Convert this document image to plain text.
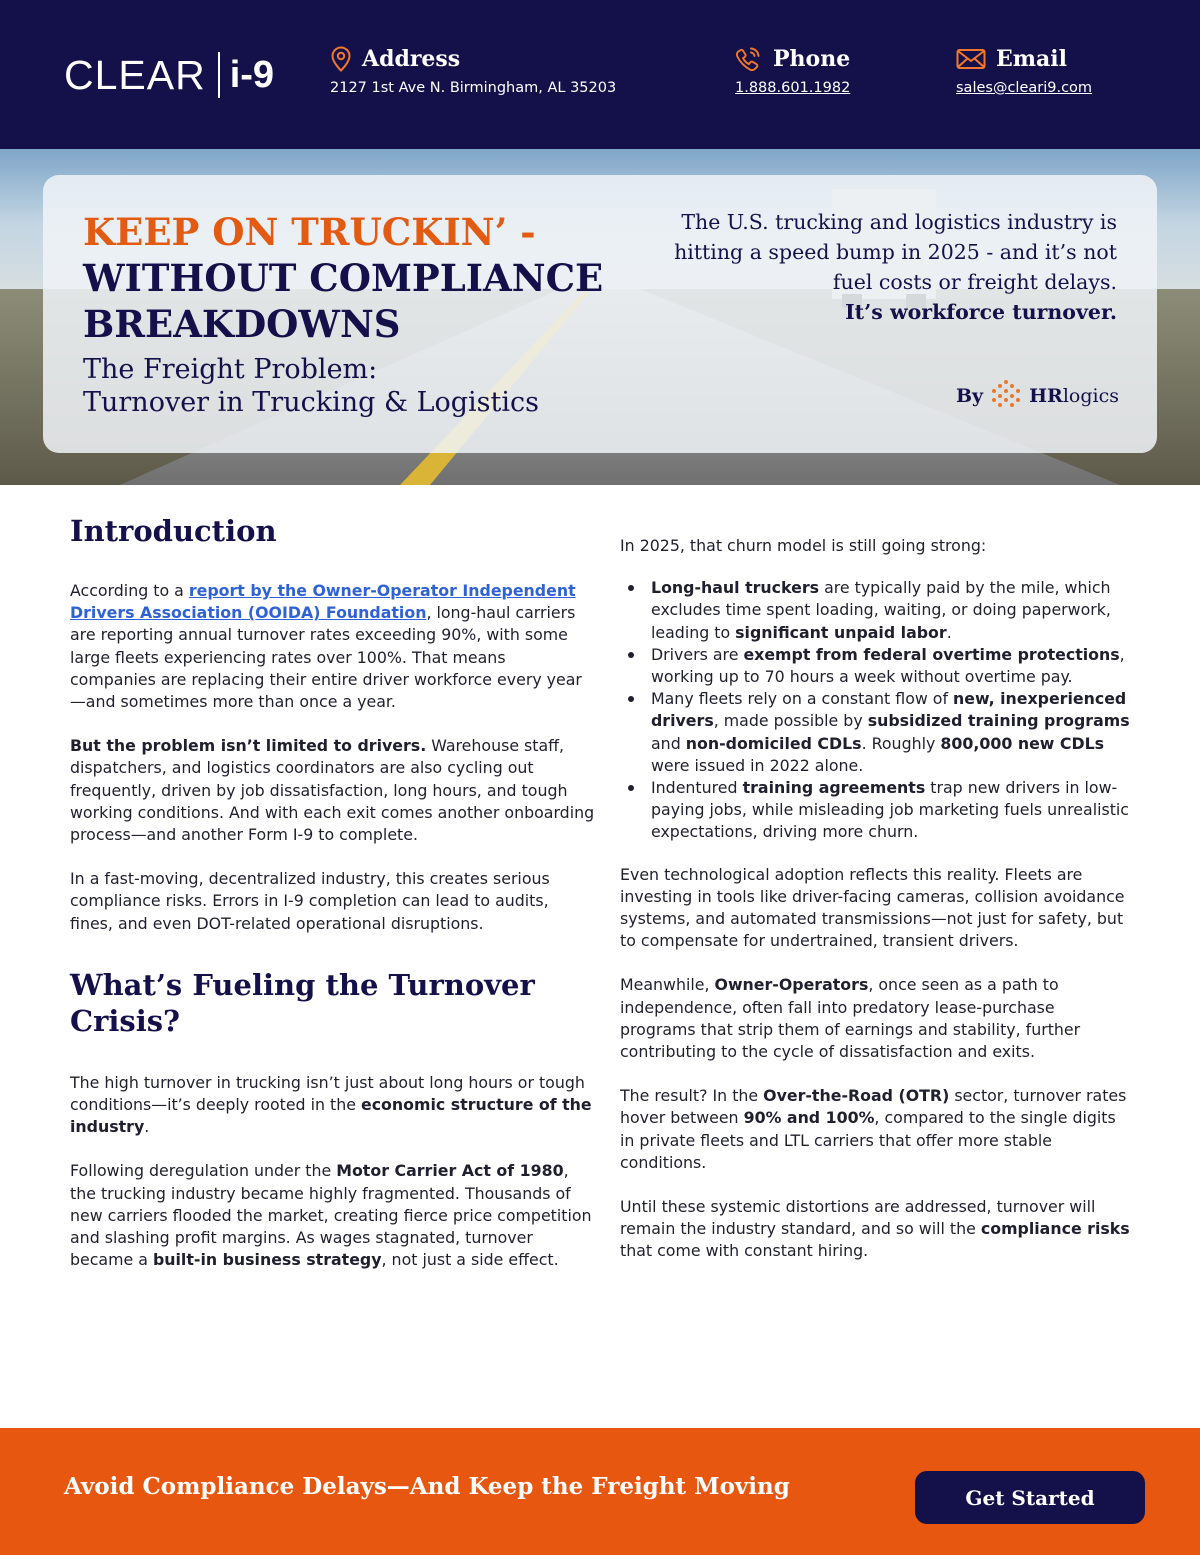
CLEAR i-9	Address
2127 1st Ave N. Birmingham, AL 35203
Phone
1.888.601.1982
Email
sales@cleari9.com
KEEP ON TRUCKIN’ -
WITHOUT COMPLIANCE
BREAKDOWNS
The Freight Problem:
Turnover in Trucking & Logistics
The U.S. trucking and logistics industry is hitting a speed bump in 2025 - and it’s not fuel costs or freight delays.
It’s workforce turnover.
By HRlogics
Introduction

According to a report by the Owner-Operator Independent Drivers Association (OOIDA) Foundation, long-haul carriers are reporting annual turnover rates exceeding 90%, with some large fleets experiencing rates over 100%. That means companies are replacing their entire driver workforce every year—and sometimes more than once a year.

But the problem isn’t limited to drivers. Warehouse staff, dispatchers, and logistics coordinators are also cycling out frequently, driven by job dissatisfaction, long hours, and tough working conditions. And with each exit comes another onboarding process—and another Form I-9 to complete.

In a fast-moving, decentralized industry, this creates serious compliance risks. Errors in I-9 completion can lead to audits, fines, and even DOT-related operational disruptions.

What’s Fueling the Turnover Crisis?

The high turnover in trucking isn’t just about long hours or tough conditions—it’s deeply rooted in the economic structure of the industry.

Following deregulation under the Motor Carrier Act of 1980, the trucking industry became highly fragmented. Thousands of new carriers flooded the market, creating fierce price competition and slashing profit margins. As wages stagnated, turnover became a built-in business strategy, not just a side effect.

In 2025, that churn model is still going strong:

Long-haul truckers are typically paid by the mile, which excludes time spent loading, waiting, or doing paperwork, leading to significant unpaid labor.
Drivers are exempt from federal overtime protections, working up to 70 hours a week without overtime pay.
Many fleets rely on a constant flow of new, inexperienced drivers, made possible by subsidized training programs and non-domiciled CDLs. Roughly 800,000 new CDLs were issued in 2022 alone.
Indentured training agreements trap new drivers in low-paying jobs, while misleading job marketing fuels unrealistic expectations, driving more churn.

Even technological adoption reflects this reality. Fleets are investing in tools like driver-facing cameras, collision avoidance systems, and automated transmissions—not just for safety, but to compensate for undertrained, transient drivers.

Meanwhile, Owner-Operators, once seen as a path to independence, often fall into predatory lease-purchase programs that strip them of earnings and stability, further contributing to the cycle of dissatisfaction and exits.

The result? In the Over-the-Road (OTR) sector, turnover rates hover between 90% and 100%, compared to the single digits in private fleets and LTL carriers that offer more stable conditions.

Until these systemic distortions are addressed, turnover will remain the industry standard, and so will the compliance risks that come with constant hiring.

Avoid Compliance Delays—And Keep the Freight Moving	Get Started
